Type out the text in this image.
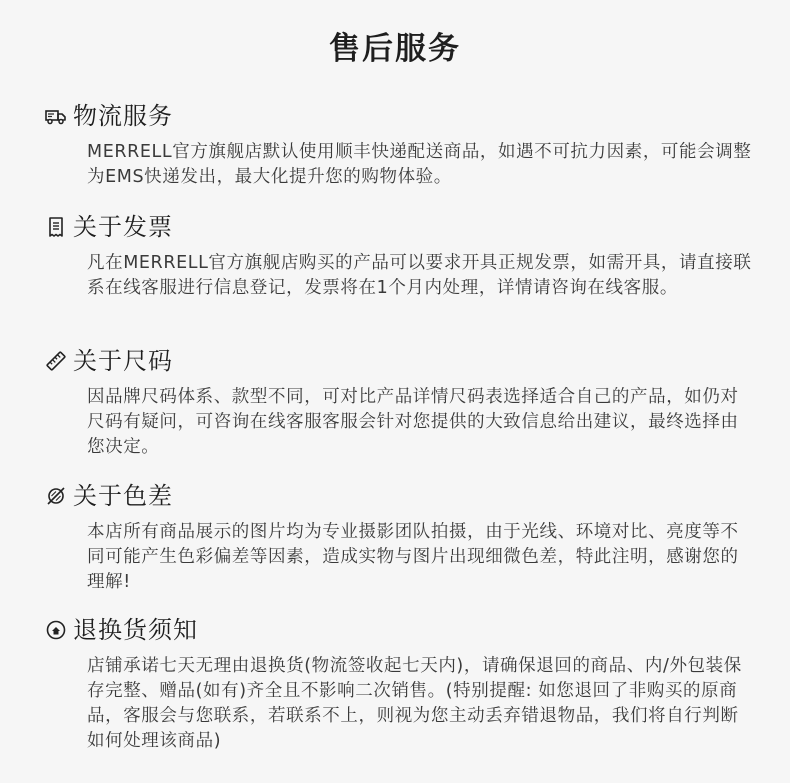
售后服务
物流服务
MERRELL官方旗舰店默认使用顺丰快递配送商品，如遇不可抗力因素，可能会调整为EMS快递发出，最大化提升您的购物体验。
关于发票
凡在MERRELL官方旗舰店购买的产品可以要求开具正规发票，如需开具，请直接联系在线客服进行信息登记，发票将在1个月内处理，详情请咨询在线客服。
关于尺码
因品牌尺码体系、款型不同，可对比产品详情尺码表选择适合自己的产品，如仍对尺码有疑问，可咨询在线客服客服会针对您提供的大致信息给出建议，最终选择由您决定。
关于色差
本店所有商品展示的图片均为专业摄影团队拍摄，由于光线、环境对比、亮度等不同可能产生色彩偏差等因素，造成实物与图片出现细微色差，特此注明，感谢您的理解!
退换货须知
店铺承诺七天无理由退换货(物流签收起七天内)，请确保退回的商品、内/外包装保存完整、赠品(如有)齐全且不影响二次销售。(特别提醒: 如您退回了非购买的原商品，客服会与您联系，若联系不上，则视为您主动丢弃错退物品，我们将自行判断如何处理该商品)
